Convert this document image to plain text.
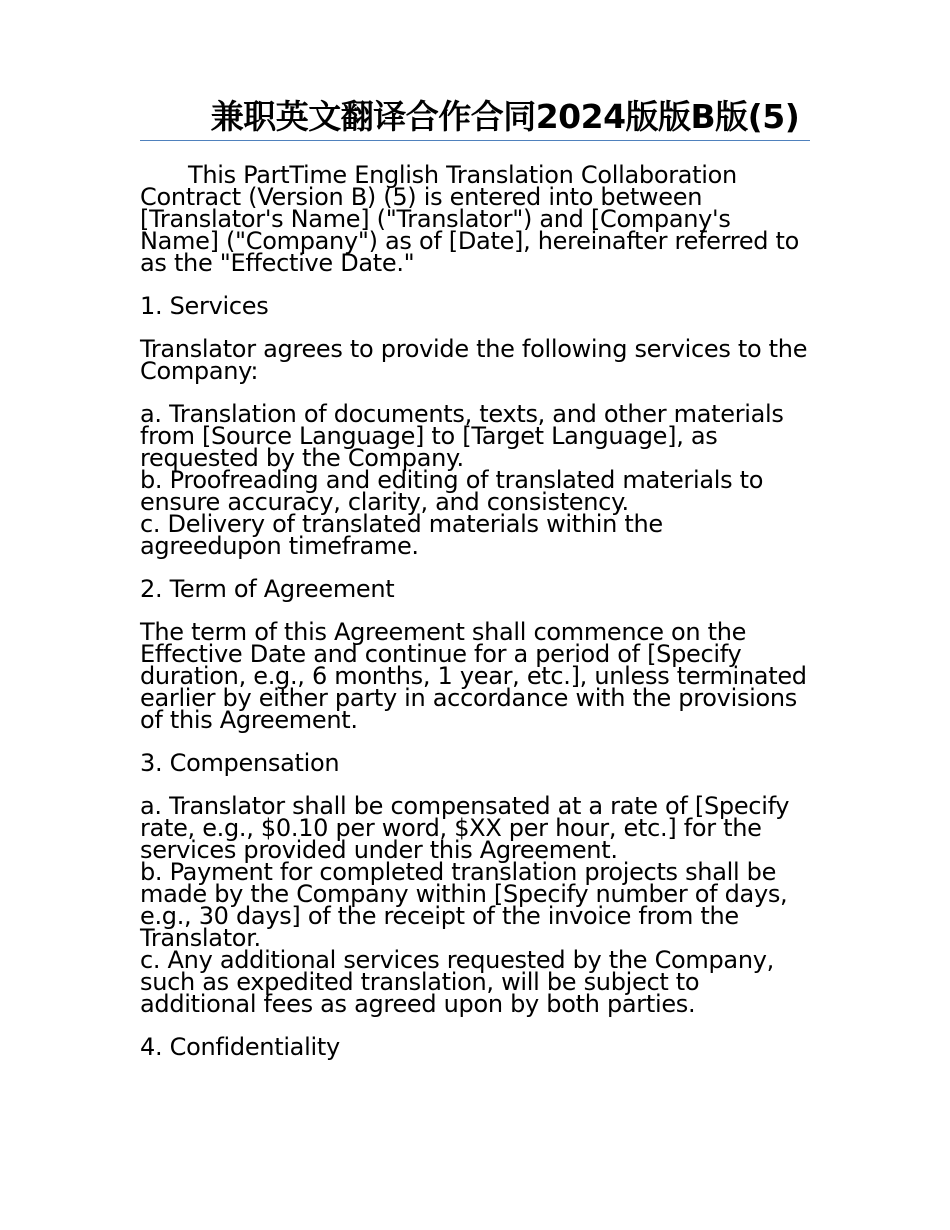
兼职英文翻译合作合同2024版版B版(5)

This PartTime English Translation Collaboration Contract (Version B) (5) is entered into between [Translator's Name] ("Translator") and [Company's Name] ("Company") as of [Date], hereinafter referred to as the "Effective Date."

1. Services

Translator agrees to provide the following services to the Company:

a. Translation of documents, texts, and other materials from [Source Language] to [Target Language], as requested by the Company.
b. Proofreading and editing of translated materials to ensure accuracy, clarity, and consistency.
c. Delivery of translated materials within the agreedupon timeframe.

2. Term of Agreement

The term of this Agreement shall commence on the Effective Date and continue for a period of [Specify duration, e.g., 6 months, 1 year, etc.], unless terminated earlier by either party in accordance with the provisions of this Agreement.

3. Compensation

a. Translator shall be compensated at a rate of [Specify rate, e.g., $0.10 per word, $XX per hour, etc.] for the services provided under this Agreement.
b. Payment for completed translation projects shall be made by the Company within [Specify number of days, e.g., 30 days] of the receipt of the invoice from the Translator.
c. Any additional services requested by the Company, such as expedited translation, will be subject to additional fees as agreed upon by both parties.

4. Confidentiality
